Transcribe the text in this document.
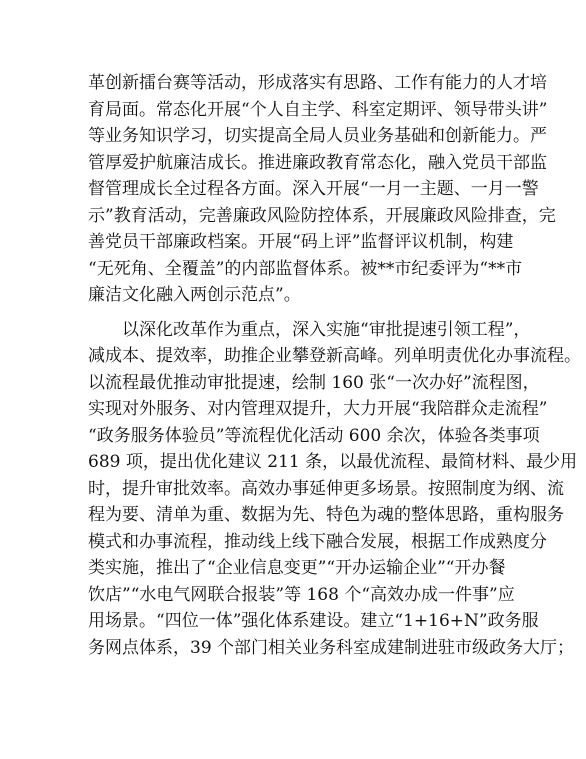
革创新擂台赛等活动，形成落实有思路、工作有能力的人才培
育局面。常态化开展“个人自主学、科室定期评、领导带头讲”
等业务知识学习，切实提高全局人员业务基础和创新能力。严
管厚爱护航廉洁成长。推进廉政教育常态化，融入党员干部监
督管理成长全过程各方面。深入开展“一月一主题、一月一警
示”教育活动，完善廉政风险防控体系，开展廉政风险排查，完
善党员干部廉政档案。开展“码上评”监督评议机制，构建
“无死角、全覆盖”的内部监督体系。被**市纪委评为“**市
廉洁文化融入两创示范点”。
以深化改革作为重点，深入实施“审批提速引领工程”，
减成本、提效率，助推企业攀登新高峰。列单明责优化办事流程。
以流程最优推动审批提速，绘制 160 张“一次办好”流程图，
实现对外服务、对内管理双提升，大力开展“我陪群众走流程”
“政务服务体验员”等流程优化活动 600 余次，体验各类事项
689 项，提出优化建议 211 条，以最优流程、最简材料、最少用
时，提升审批效率。高效办事延伸更多场景。按照制度为纲、流
程为要、清单为重、数据为先、特色为魂的整体思路，重构服务
模式和办事流程，推动线上线下融合发展，根据工作成熟度分
类实施，推出了“企业信息变更”“开办运输企业”“开办餐
饮店”“水电气网联合报装”等 168 个“高效办成一件事”应
用场景。“四位一体”强化体系建设。建立“1+16+N”政务服
务网点体系，39 个部门相关业务科室成建制进驻市级政务大厅；
